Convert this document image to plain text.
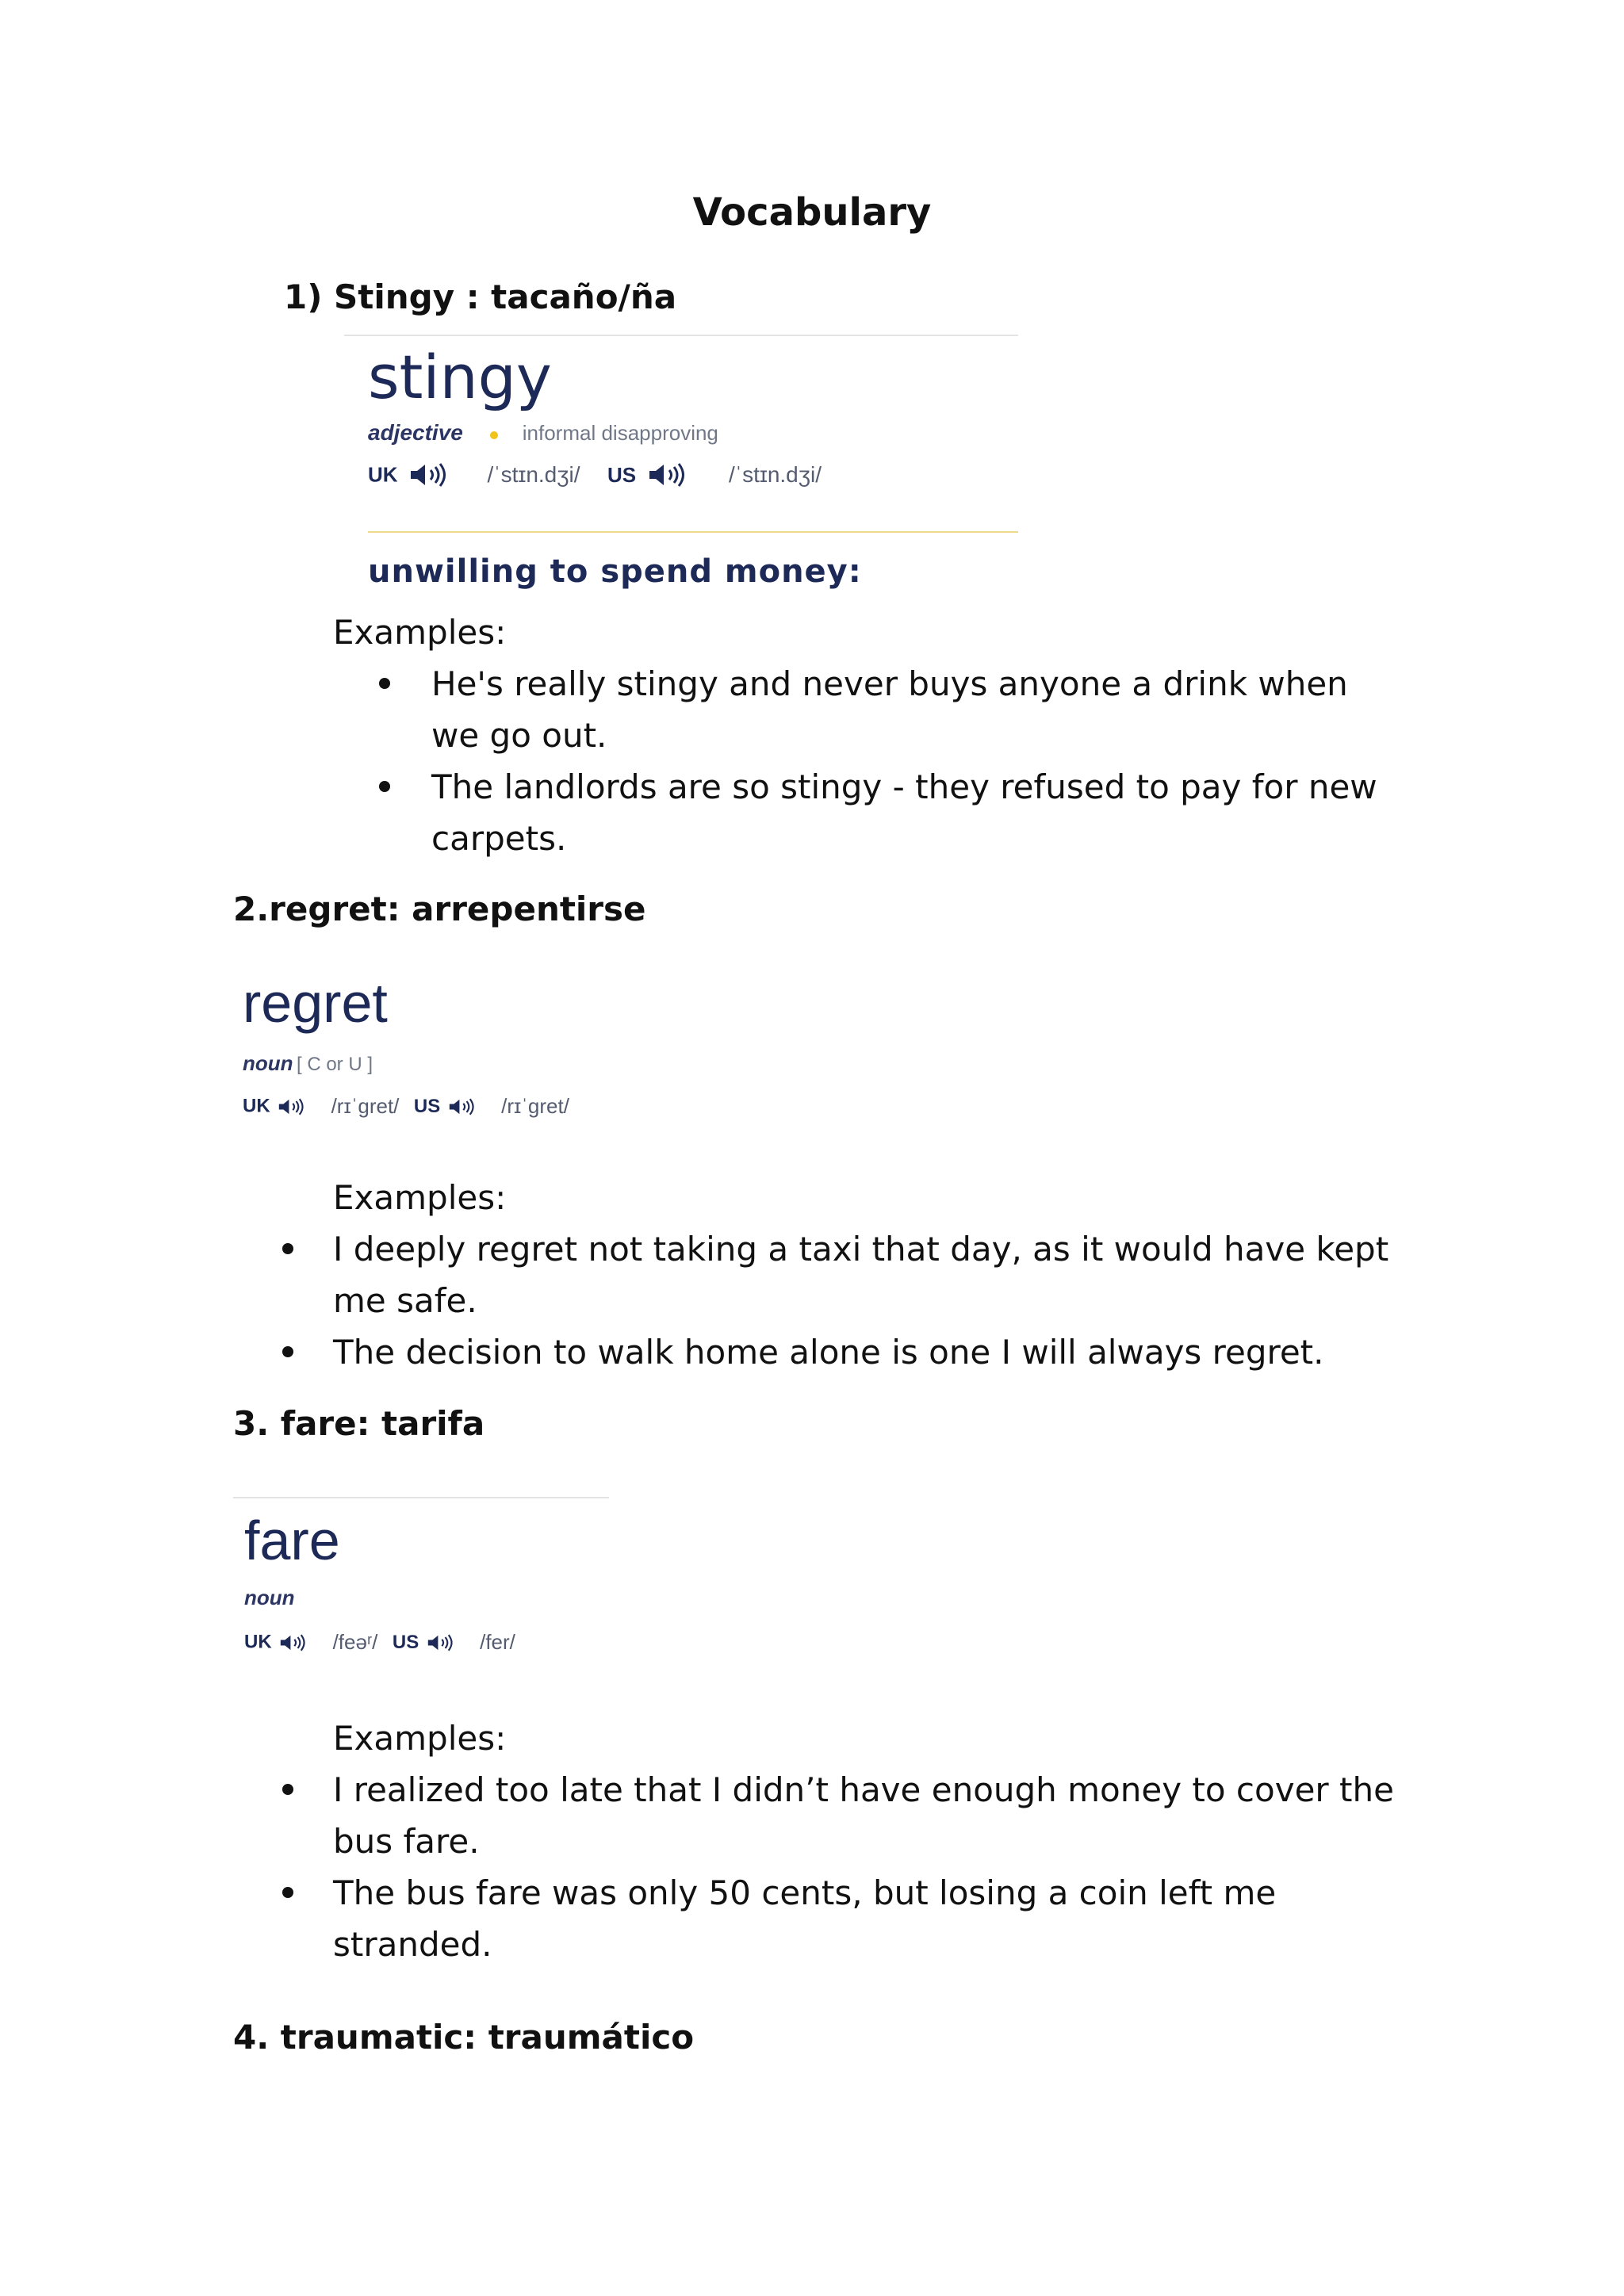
Vocabulary
1) Stingy : tacaño/ña
stingy
adjective	informal disapproving
UK	/ˈstɪn.dʒi/ US	/ˈstɪn.dʒi/
unwilling to spend money:
Examples:
He's really stingy and never buys anyone a drink when we go out.
The landlords are so stingy - they refused to pay for new carpets.
2.regret: arrepentirse
regret
noun [ C or U ]
UK	/rɪˈɡret/ US	/rɪˈɡret/
Examples:
I deeply regret not taking a taxi that day, as it would have kept me safe.
The decision to walk home alone is one I will always regret.
3. fare: tarifa
fare
noun
UK	/feəʳ/ US	/fer/
Examples:
I realized too late that I didn’t have enough money to cover the bus fare.
The bus fare was only 50 cents, but losing a coin left me stranded.
4. traumatic: traumático
